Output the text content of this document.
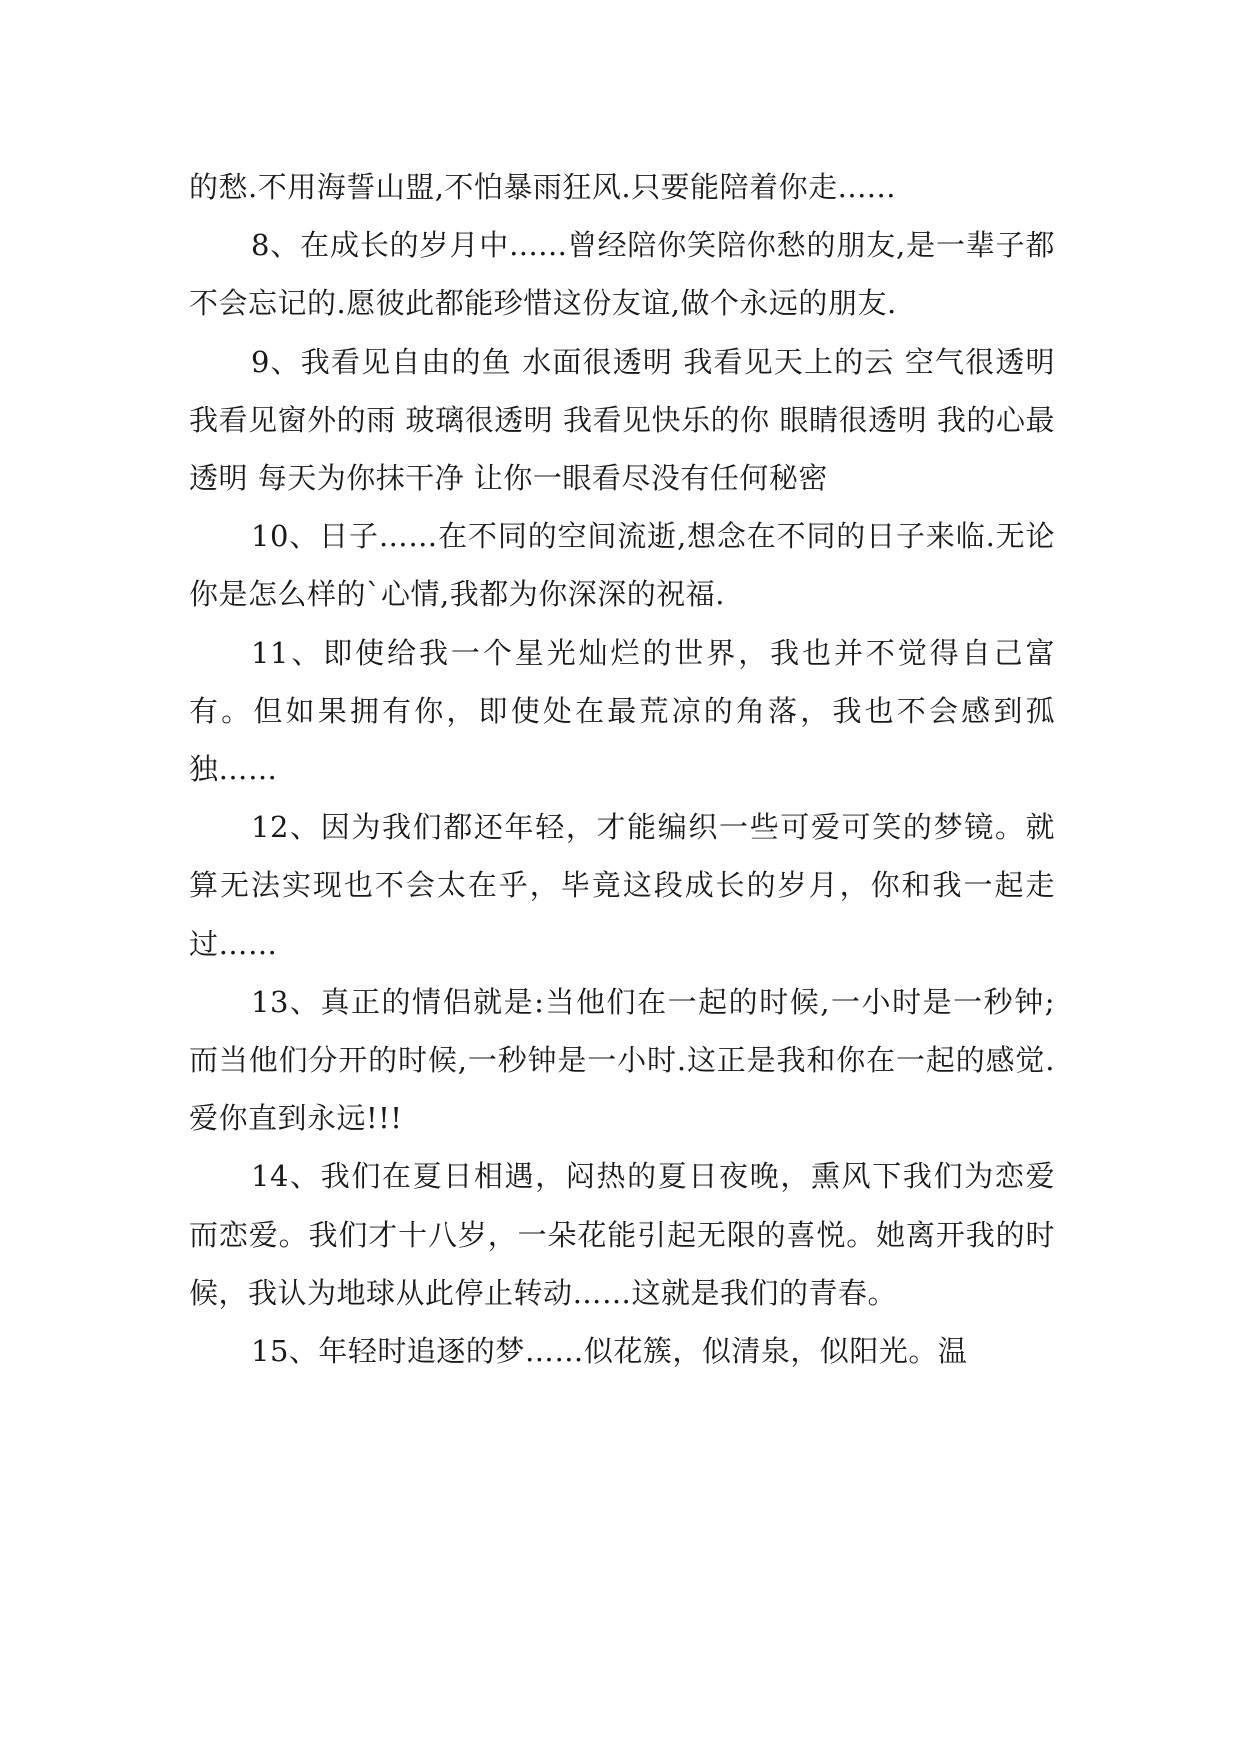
的愁.不用海誓山盟,不怕暴雨狂风.只要能陪着你走......

8、在成长的岁月中......曾经陪你笑陪你愁的朋友,是一辈子都不会忘记的.愿彼此都能珍惜这份友谊,做个永远的朋友.

9、我看见自由的鱼 水面很透明 我看见天上的云 空气很透明 我看见窗外的雨 玻璃很透明 我看见快乐的你 眼睛很透明 我的心最透明 每天为你抹干净 让你一眼看尽没有任何秘密

10、日子……在不同的空间流逝,想念在不同的日子来临.无论你是怎么样的`心情,我都为你深深的祝福.

11、即使给我一个星光灿烂的世界，我也并不觉得自己富有。但如果拥有你，即使处在最荒凉的角落，我也不会感到孤独……

12、因为我们都还年轻，才能编织一些可爱可笑的梦镜。就算无法实现也不会太在乎，毕竟这段成长的岁月，你和我一起走过……

13、真正的情侣就是:当他们在一起的时候,一小时是一秒钟;而当他们分开的时候,一秒钟是一小时.这正是我和你在一起的感觉.爱你直到永远!!!

14、我们在夏日相遇，闷热的夏日夜晚，熏风下我们为恋爱而恋爱。我们才十八岁，一朵花能引起无限的喜悦。她离开我的时候，我认为地球从此停止转动……这就是我们的青春。

15、年轻时追逐的梦……似花簇，似清泉，似阳光。温
